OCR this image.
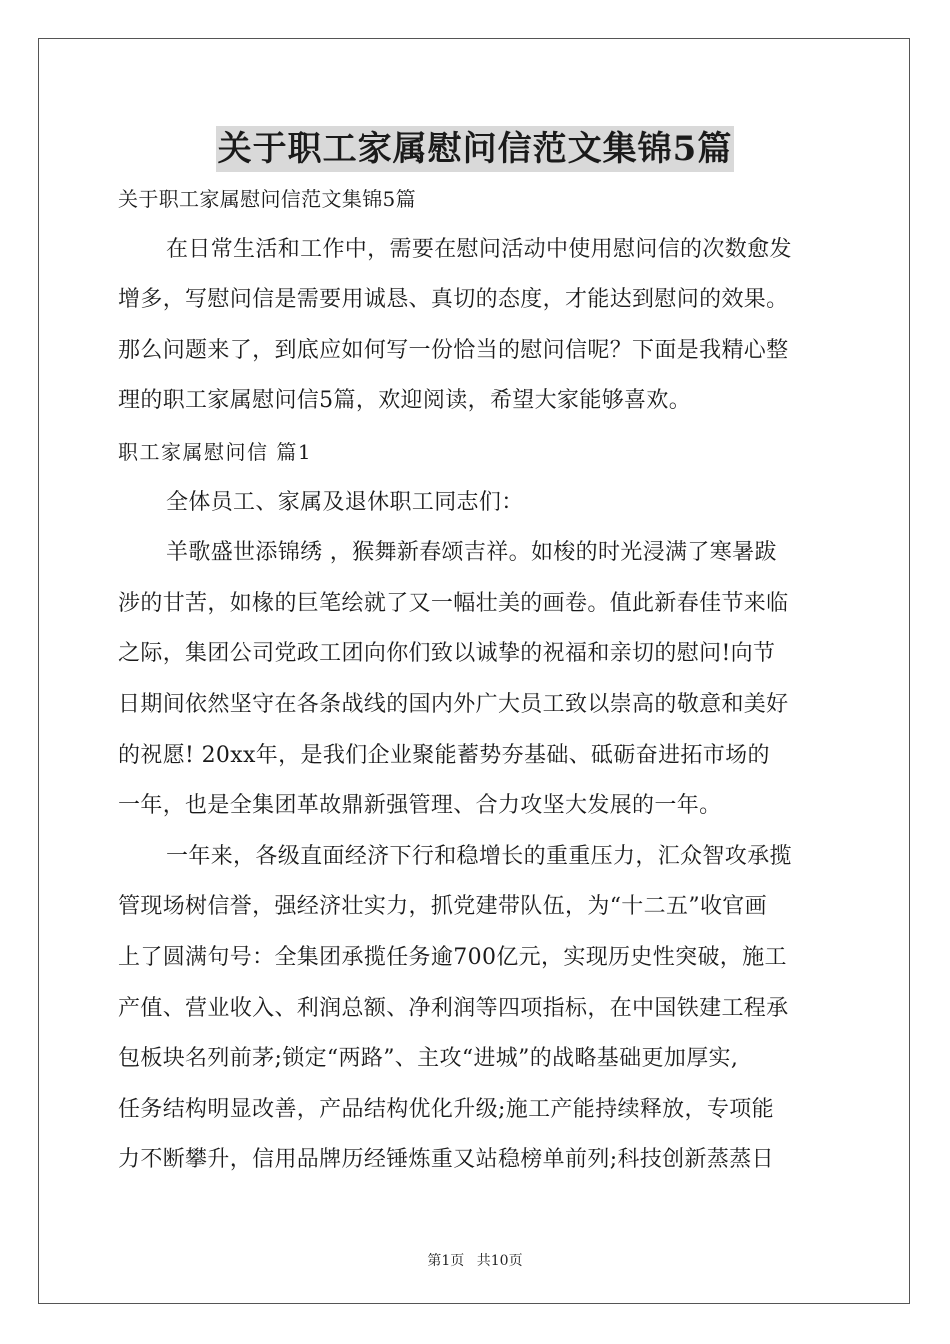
关于职工家属慰问信范文集锦5篇
关于职工家属慰问信范文集锦5篇
在日常生活和工作中，需要在慰问活动中使用慰问信的次数愈发
增多，写慰问信是需要用诚恳、真切的态度，才能达到慰问的效果。
那么问题来了，到底应如何写一份恰当的慰问信呢？下面是我精心整
理的职工家属慰问信5篇，欢迎阅读，希望大家能够喜欢。
职工家属慰问信 篇1
全体员工、家属及退休职工同志们：
羊歌盛世添锦绣 ，猴舞新春颂吉祥。如梭的时光浸满了寒暑跋
涉的甘苦，如椽的巨笔绘就了又一幅壮美的画卷。值此新春佳节来临
之际，集团公司党政工团向你们致以诚挚的祝福和亲切的慰问!向节
日期间依然坚守在各条战线的国内外广大员工致以崇高的敬意和美好
的祝愿! 20xx年，是我们企业聚能蓄势夯基础、砥砺奋进拓市场的
一年，也是全集团革故鼎新强管理、合力攻坚大发展的一年。
一年来，各级直面经济下行和稳增长的重重压力，汇众智攻承揽
管现场树信誉，强经济壮实力，抓党建带队伍，为“十二五”收官画
上了圆满句号：全集团承揽任务逾700亿元，实现历史性突破，施工
产值、营业收入、利润总额、净利润等四项指标，在中国铁建工程承
包板块名列前茅;锁定“两路”、主攻“进城”的战略基础更加厚实,
任务结构明显改善，产品结构优化升级;施工产能持续释放，专项能
力不断攀升，信用品牌历经锤炼重又站稳榜单前列;科技创新蒸蒸日
第1页 共10页
